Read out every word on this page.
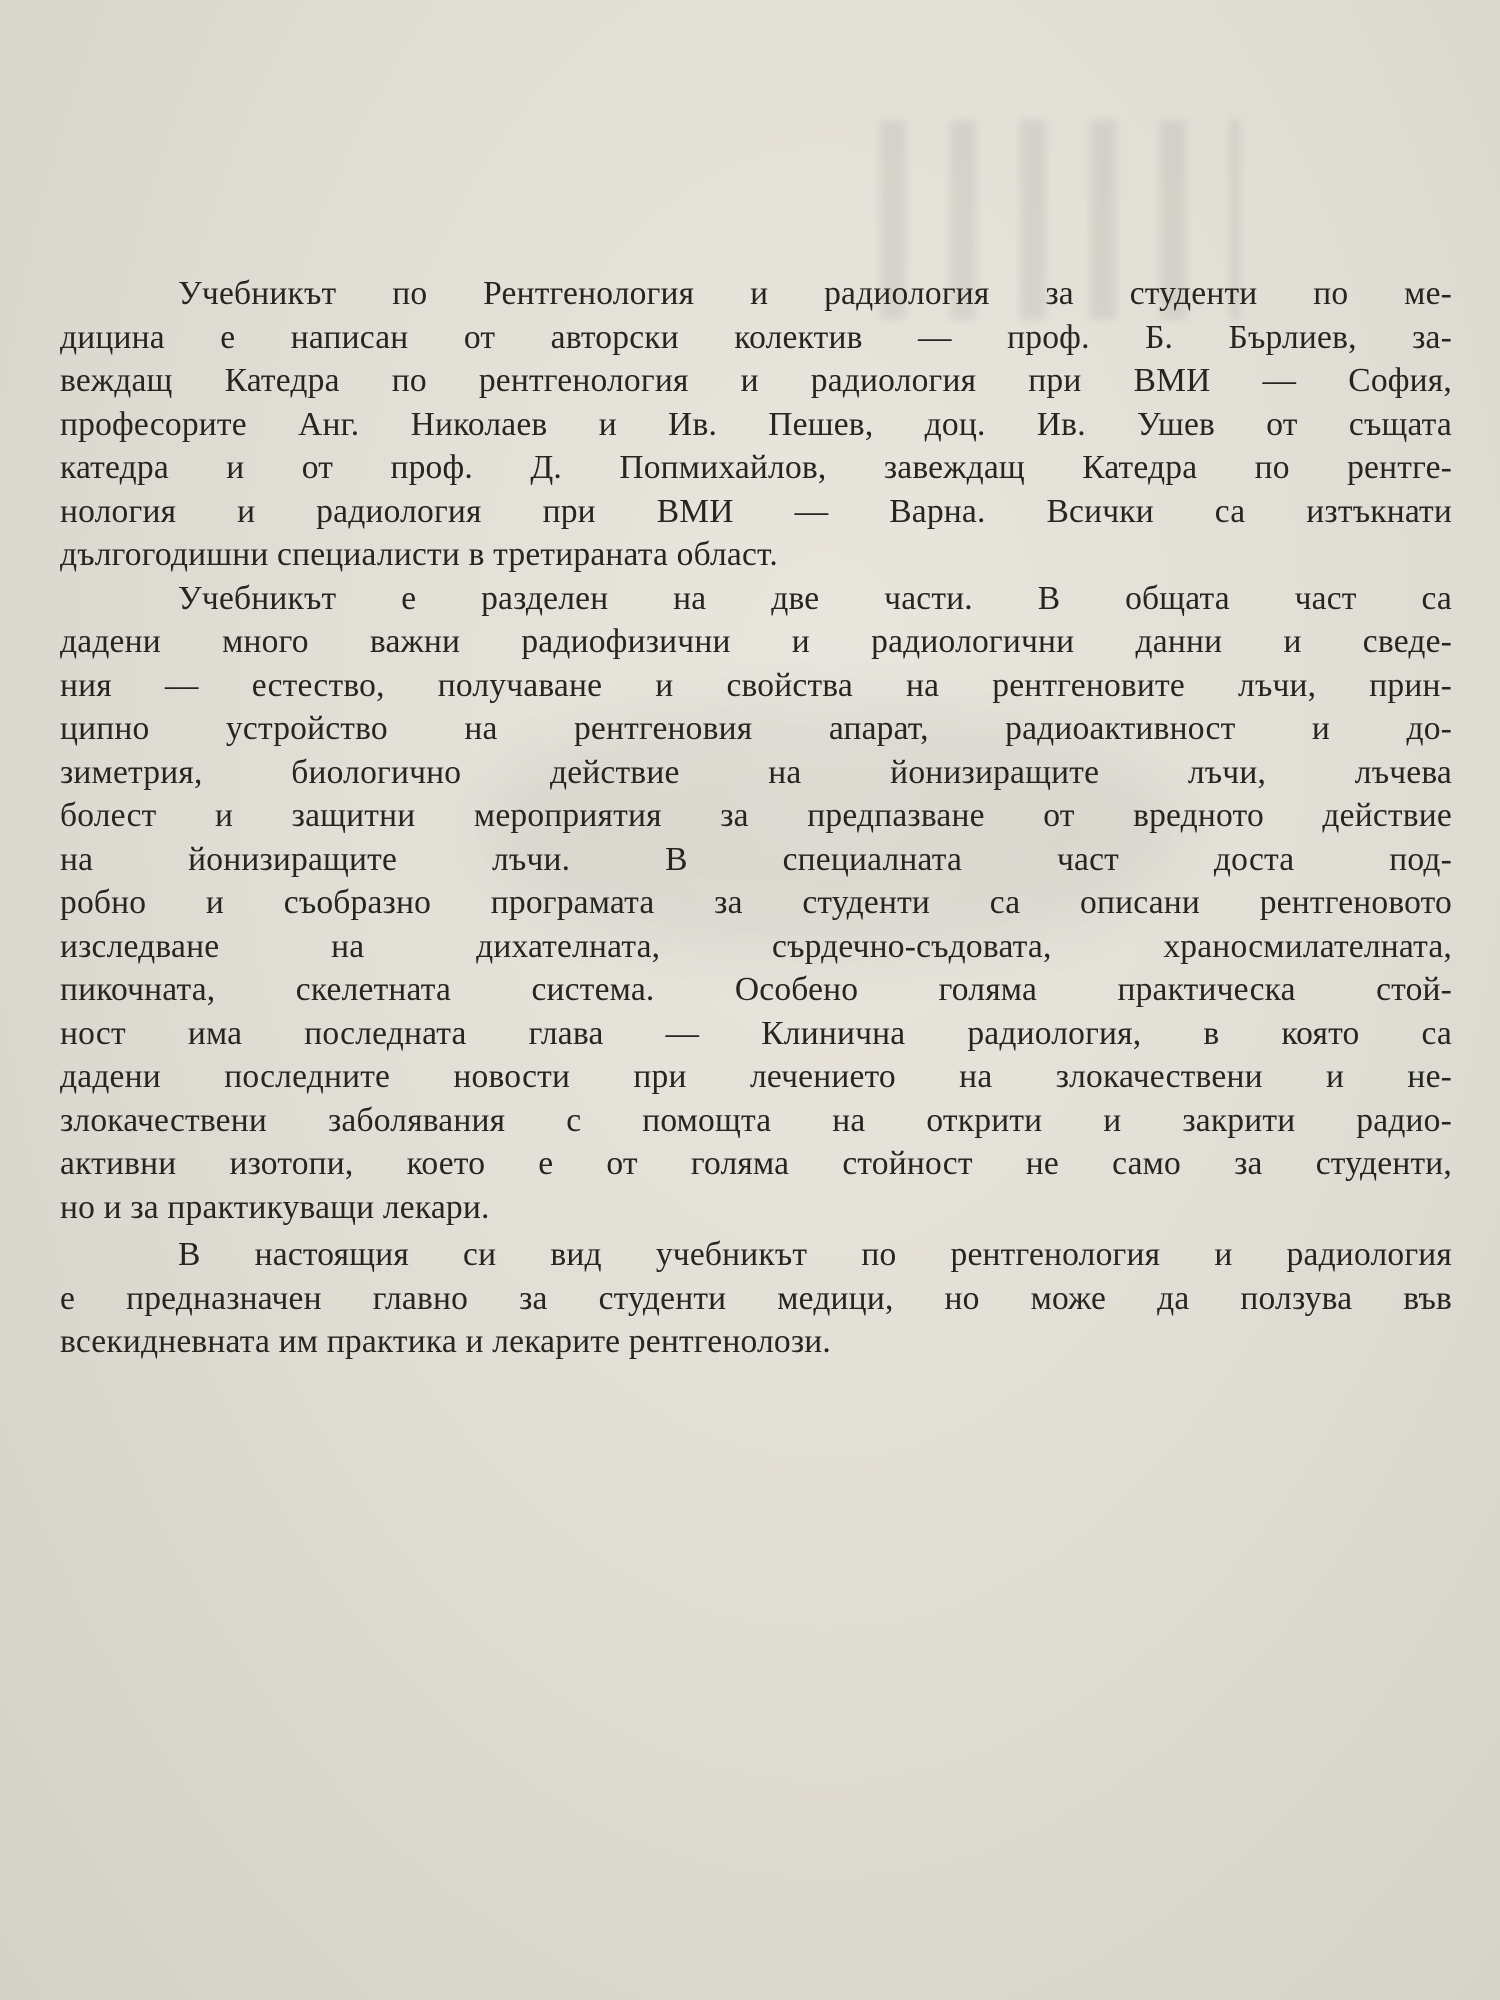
Учебникът по Рентгенология и радиология за студенти по ме-
дицина е написан от авторски колектив — проф. Б. Бърлиев, за-
веждащ Катедра по рентгенология и радиология при ВМИ — София,
професорите Анг. Николаев и Ив. Пешев, доц. Ив. Ушев от същата
катедра и от проф. Д. Попмихайлов, завеждащ Катедра по рентге-
нология и радиология при ВМИ — Варна. Всички са изтъкнати
дългогодишни специалисти в третираната област.

Учебникът е разделен на две части. В общата част са
дадени много важни радиофизични и радиологични данни и сведе-
ния — естество, получаване и свойства на рентгеновите лъчи, прин-
ципно устройство на рентгеновия апарат, радиоактивност и до-
зиметрия, биологично действие на йонизиращите лъчи, лъчева
болест и защитни мероприятия за предпазване от вредното действие
на йонизиращите лъчи. В специалната част доста под-
робно и съобразно програмата за студенти са описани рентгеновото
изследване на дихателната, сърдечно-съдовата, храносмилателната,
пикочната, скелетната система. Особено голяма практическа стой-
ност има последната глава — Клинична радиология, в която са
дадени последните новости при лечението на злокачествени и не-
злокачествени заболявания с помощта на открити и закрити радио-
активни изотопи, което е от голяма стойност не само за студенти,
но и за практикуващи лекари.

В настоящия си вид учебникът по рентгенология и радиология
е предназначен главно за студенти медици, но може да ползува във
всекидневната им практика и лекарите рентгенолози.
